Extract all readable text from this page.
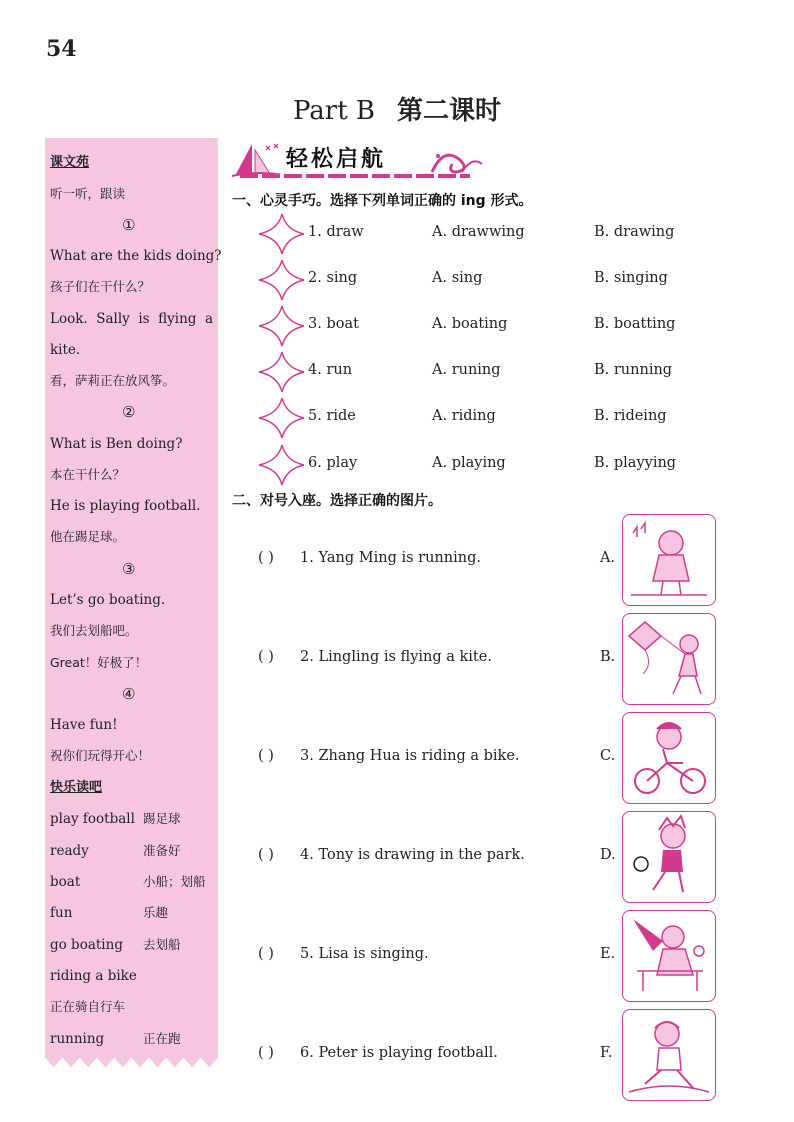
54
Part B 第二课时
课文苑
听一听，跟读
①
What are the kids doing?
孩子们在干什么？
Look. Sally is flying a
kite.
看，萨莉正在放风筝。
②
What is Ben doing?
本在干什么？
He is playing football.
他在踢足球。
③
Let’s go boating.
我们去划船吧。
Great！好极了！
④
Have fun!
祝你们玩得开心！
快乐读吧
play football 踢足球
ready	准备好
boat	小船；划船
fun	乐趣
go boating 去划船
riding a bike
正在骑自行车
running	正在跑
轻松启航
一、心灵手巧。选择下列单词正确的 ing 形式。
1. draw	A. drawwing	B. drawing
2. sing	A. sing	B. singing
3. boat	A. boating	B. boatting
4. run	A. runing	B. running
5. ride	A. riding	B. rideing
6. play	A. playing	B. playying
二、对号入座。选择正确的图片。
( ) 1. Yang Ming is running.	A.
( ) 2. Lingling is flying a kite.	B.
( ) 3. Zhang Hua is riding a bike.	C.
( ) 4. Tony is drawing in the park.	D.
( ) 5. Lisa is singing.	E.
( ) 6. Peter is playing football.	F.
